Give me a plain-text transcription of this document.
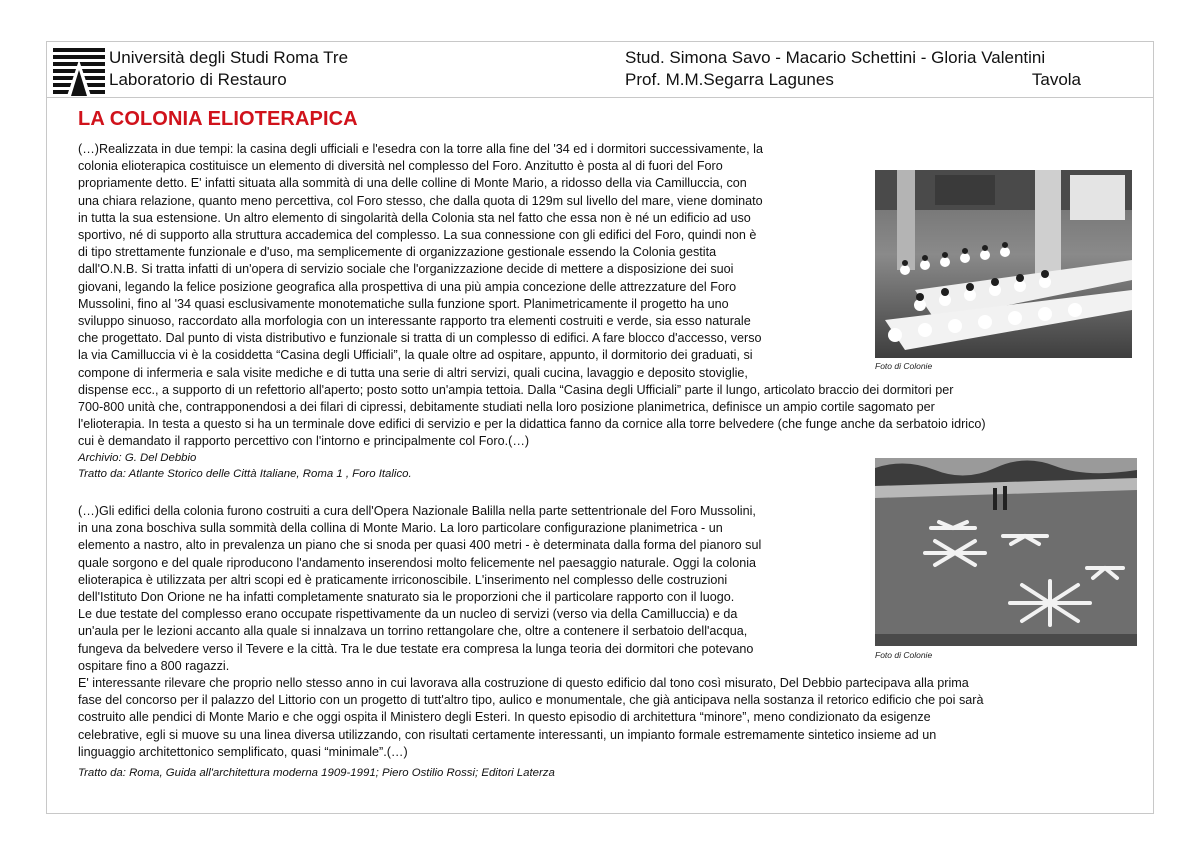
Università degli Studi Roma Tre
Laboratorio di Restauro
Stud. Simona Savo - Macario Schettini - Gloria Valentini
Prof. M.M.Segarra Lagunes	Tavola
LA COLONIA ELIOTERAPICA
(…)Realizzata in due tempi: la casina degli ufficiali e l'esedra con la torre alla fine del '34 ed i dormitori successivamente, la
colonia elioterapica costituisce un elemento di diversità nel complesso del Foro. Anzitutto è posta al di fuori del Foro
propriamente detto. E' infatti situata alla sommità di una delle colline di Monte Mario, a ridosso della via Camilluccia, con
una chiara relazione, quanto meno percettiva, col Foro stesso, che dalla quota di 129m sul livello del mare, viene dominato
in tutta la sua estensione. Un altro elemento di singolarità della Colonia sta nel fatto che essa non è né un edificio ad uso
sportivo, né di supporto alla struttura accademica del complesso. La sua connessione con gli edifici del Foro, quindi non è
di tipo strettamente funzionale e d'uso, ma semplicemente di organizzazione gestionale essendo la Colonia gestita
dall'O.N.B. Si tratta infatti di un'opera di servizio sociale che l'organizzazione decide di mettere a disposizione dei suoi
giovani, legando la felice posizione geografica alla prospettiva di una più ampia concezione delle attrezzature del Foro
Mussolini, fino al '34 quasi esclusivamente monotematiche sulla funzione sport. Planimetricamente il progetto ha uno
sviluppo sinuoso, raccordato alla morfologia con un interessante rapporto tra elementi costruiti e verde, sia esso naturale
che progettato. Dal punto di vista distributivo e funzionale si tratta di un complesso di edifici. A fare blocco d'accesso, verso
la via Camilluccia vi è la cosiddetta “Casina degli Ufficiali”, la quale oltre ad ospitare, appunto, il dormitorio dei graduati, si
compone di infermeria e sala visite mediche e di tutta una serie di altri servizi, quali cucina, lavaggio e deposito stoviglie,
dispense ecc., a supporto di un refettorio all'aperto; posto sotto un'ampia tettoia. Dalla “Casina degli Ufficiali” parte il lungo, articolato braccio dei dormitori per
700-800 unità che, contrapponendosi a dei filari di cipressi, debitamente studiati nella loro posizione planimetrica, definisce un ampio cortile sagomato per
l'elioterapia. In testa a questo si ha un terminale dove edifici di servizio e per la didattica fanno da cornice alla torre belvedere (che funge anche da serbatoio idrico)
cui è demandato il rapporto percettivo con l'intorno e principalmente col Foro.(…)
Archivio: G. Del Debbio
Tratto da: Atlante Storico delle Città Italiane, Roma 1 , Foro Italico.
(…)Gli edifici della colonia furono costruiti a cura dell'Opera Nazionale Balilla nella parte settentrionale del Foro Mussolini,
in una zona boschiva sulla sommità della collina di Monte Mario. La loro particolare configurazione planimetrica - un
elemento a nastro, alto in prevalenza un piano che si snoda per quasi 400 metri - è determinata dalla forma del pianoro sul
quale sorgono e del quale riproducono l'andamento inserendosi molto felicemente nel paesaggio naturale. Oggi la colonia
elioterapica è utilizzata per altri scopi ed è praticamente irriconoscibile. L'inserimento nel complesso delle costruzioni
dell'Istituto Don Orione ne ha infatti completamente snaturato sia le proporzioni che il particolare rapporto con il luogo.
Le due testate del complesso erano occupate rispettivamente da un nucleo di servizi (verso via della Camilluccia) e da
un'aula per le lezioni accanto alla quale si innalzava un torrino rettangolare che, oltre a contenere il serbatoio dell'acqua,
fungeva da belvedere verso il Tevere e la città. Tra le due testate era compresa la lunga teoria dei dormitori che potevano
ospitare fino a 800 ragazzi.
E' interessante rilevare che proprio nello stesso anno in cui lavorava alla costruzione di questo edificio dal tono così misurato, Del Debbio partecipava alla prima
fase del concorso per il palazzo del Littorio con un progetto di tutt'altro tipo, aulico e monumentale, che già anticipava nella sostanza il retorico edificio che poi sarà
costruito alle pendici di Monte Mario e che oggi ospita il Ministero degli Esteri. In questo episodio di architettura “minore”, meno condizionato da esigenze
celebrative, egli si muove su una linea diversa utilizzando, con risultati certamente interessanti, un impianto formale estremamente sintetico insieme ad un
linguaggio architettonico semplificato, quasi “minimale”.(…)
Tratto da: Roma, Guida all'architettura moderna 1909-1991; Piero Ostilio Rossi; Editori Laterza
Foto di Colonie
Foto di Colonie
